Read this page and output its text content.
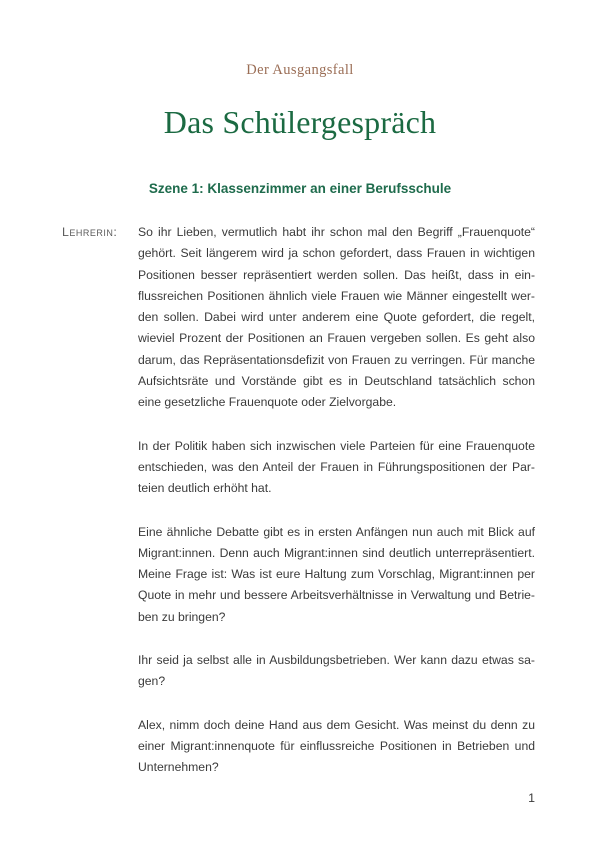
Der Ausgangsfall
Das Schülergespräch
Szene 1: Klassenzimmer an einer Berufsschule
Lehrerin:	So ihr Lieben, vermutlich habt ihr schon mal den Begriff „Frauenquote“
gehört. Seit längerem wird ja schon gefordert, dass Frauen in wichtigen
Positionen besser repräsentiert werden sollen. Das heißt, dass in ein-
flussreichen Positionen ähnlich viele Frauen wie Männer eingestellt wer-
den sollen. Dabei wird unter anderem eine Quote gefordert, die regelt,
wieviel Prozent der Positionen an Frauen vergeben sollen. Es geht also
darum, das Repräsentationsdefizit von Frauen zu verringen. Für manche
Aufsichtsräte und Vorstände gibt es in Deutschland tatsächlich schon
eine gesetzliche Frauenquote oder Zielvorgabe.
In der Politik haben sich inzwischen viele Parteien für eine Frauenquote
entschieden, was den Anteil der Frauen in Führungspositionen der Par-
teien deutlich erhöht hat.
Eine ähnliche Debatte gibt es in ersten Anfängen nun auch mit Blick auf
Migrant:innen. Denn auch Migrant:innen sind deutlich unterrepräsentiert.
Meine Frage ist: Was ist eure Haltung zum Vorschlag, Migrant:innen per
Quote in mehr und bessere Arbeitsverhältnisse in Verwaltung und Betrie-
ben zu bringen?
Ihr seid ja selbst alle in Ausbildungsbetrieben. Wer kann dazu etwas sa-
gen?
Alex, nimm doch deine Hand aus dem Gesicht. Was meinst du denn zu
einer Migrant:innenquote für einflussreiche Positionen in Betrieben und
Unternehmen?
1
